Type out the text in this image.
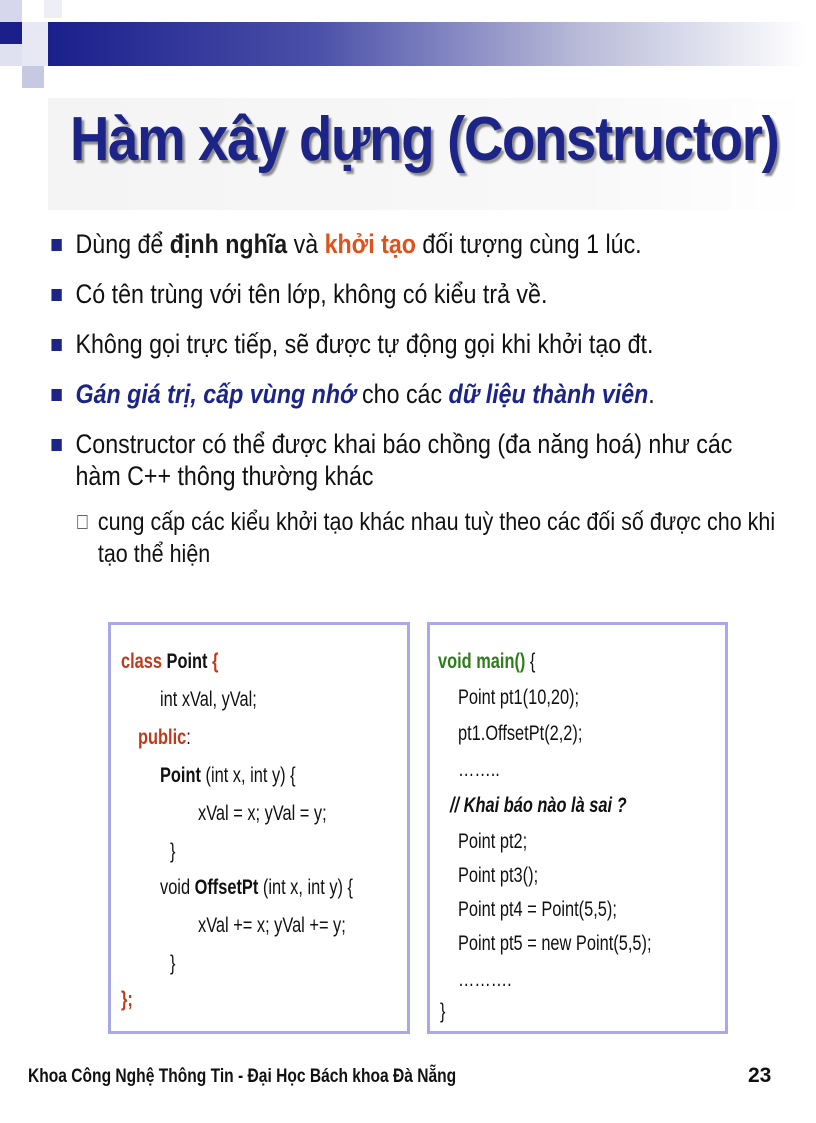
Hàm xây dựng (Constructor)
Dùng để định nghĩa và khởi tạo đối tượng cùng 1 lúc.
Có tên trùng với tên lớp, không có kiểu trả về.
Không gọi trực tiếp, sẽ được tự động gọi khi khởi tạo đt.
Gán giá trị, cấp vùng nhớ cho các dữ liệu thành viên.
Constructor có thể được khai báo chồng (đa năng hoá) như các
hàm C++ thông thường khác
cung cấp các kiểu khởi tạo khác nhau tuỳ theo các đối số được cho khi
tạo thể hiện
class Point {
int xVal, yVal;
public:
Point (int x, int y) {
xVal = x; yVal = y;
}
void OffsetPt (int x, int y) {
xVal += x; yVal += y;
}
};
void main() {
Point pt1(10,20);
pt1.OffsetPt(2,2);
……..
// Khai báo nào là sai ?
Point pt2;
Point pt3();
Point pt4 = Point(5,5);
Point pt5 = new Point(5,5);
……….
}
Khoa Công Nghệ Thông Tin - Đại Học Bách khoa Đà Nẵng	23
